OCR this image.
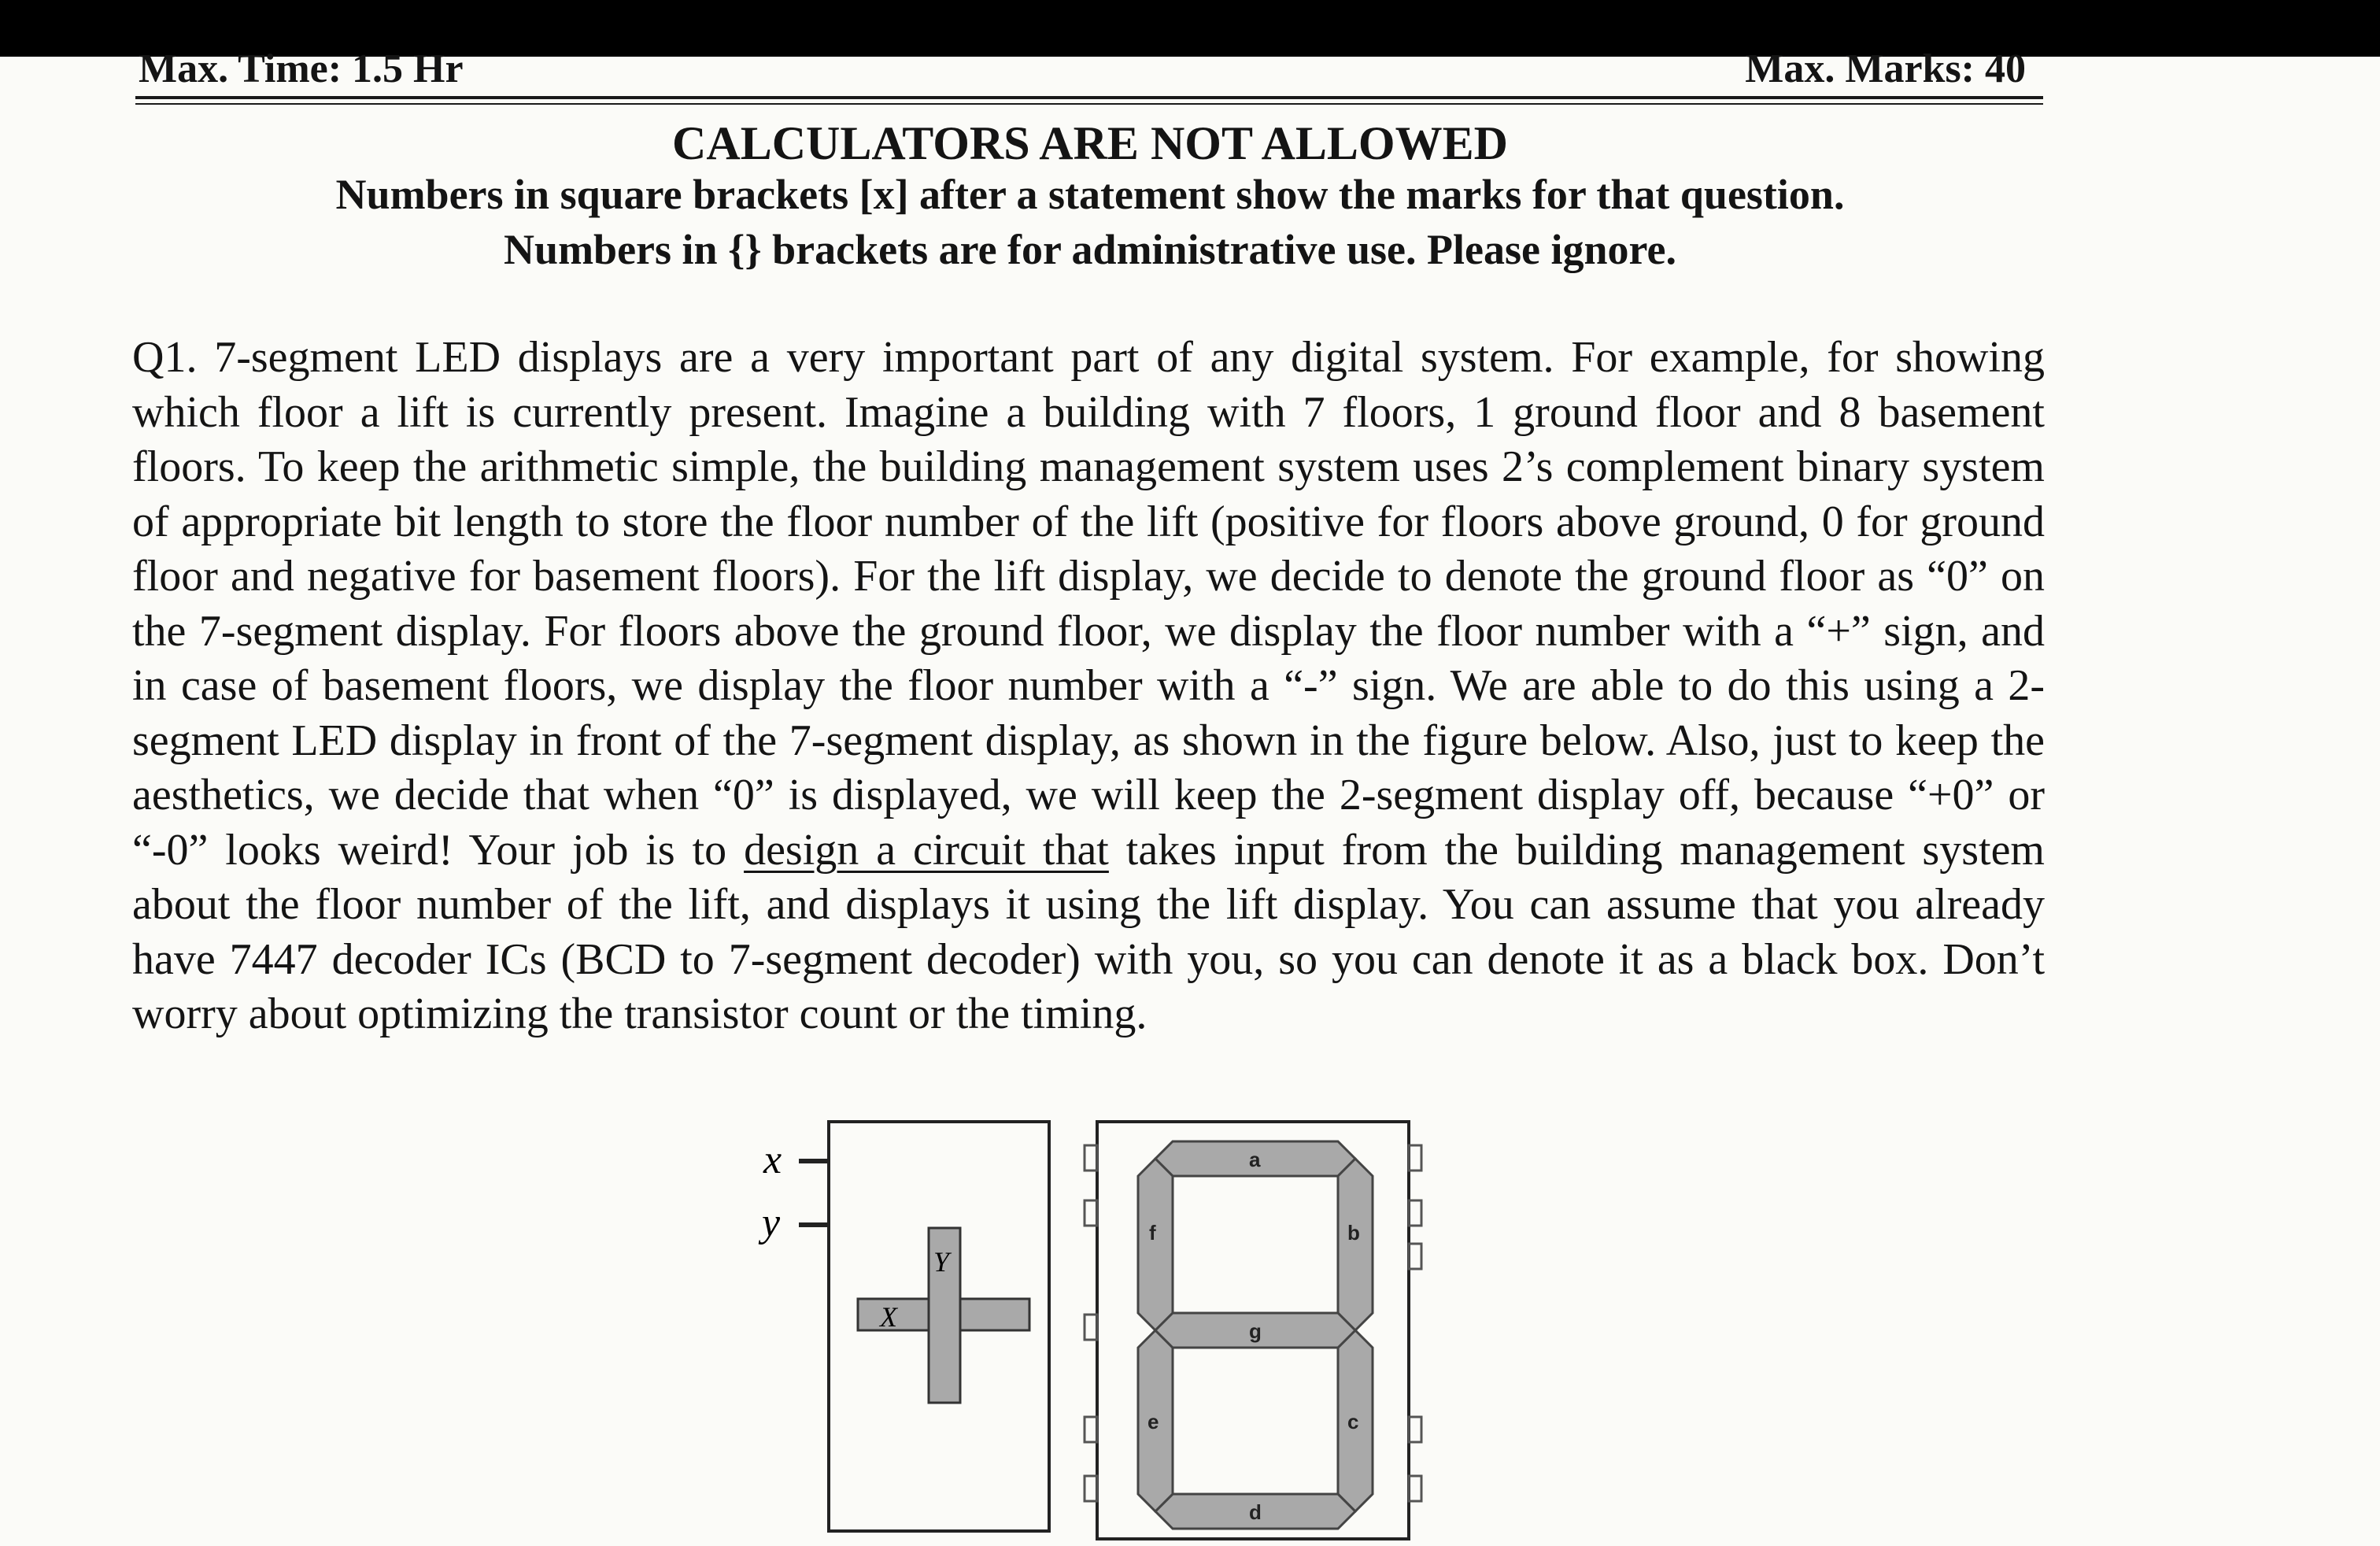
Max. Time: 1.5 Hr	Max. Marks: 40
CALCULATORS ARE NOT ALLOWED
Numbers in square brackets [x] after a statement show the marks for that question.
Numbers in {} brackets are for administrative use. Please ignore.
Q1. 7-segment LED displays are a very important part of any digital system. For example, for showing which floor a lift is currently present. Imagine a building with 7 floors, 1 ground floor and 8 basement floors. To keep the arithmetic simple, the building management system uses 2’s complement binary system of appropriate bit length to store the floor number of the lift (positive for floors above ground, 0 for ground floor and negative for basement floors). For the lift display, we decide to denote the ground floor as “0” on the 7-segment display. For floors above the ground floor, we display the floor number with a “+” sign, and in case of basement floors, we display the floor number with a “-” sign. We are able to do this using a 2-segment LED display in front of the 7-segment display, as shown in the figure below. Also, just to keep the aesthetics, we decide that when “0” is displayed, we will keep the 2-segment display off, because “+0” or “-0” looks weird! Your job is to design a circuit that takes input from the building management system about the floor number of the lift, and displays it using the lift display. You can assume that you already have 7447 decoder ICs (BCD to 7-segment decoder) with you, so you can denote it as a black box. Don’t worry about optimizing the transistor count or the timing.
x
y
X
Y
a
b
c
d
e
f
g
